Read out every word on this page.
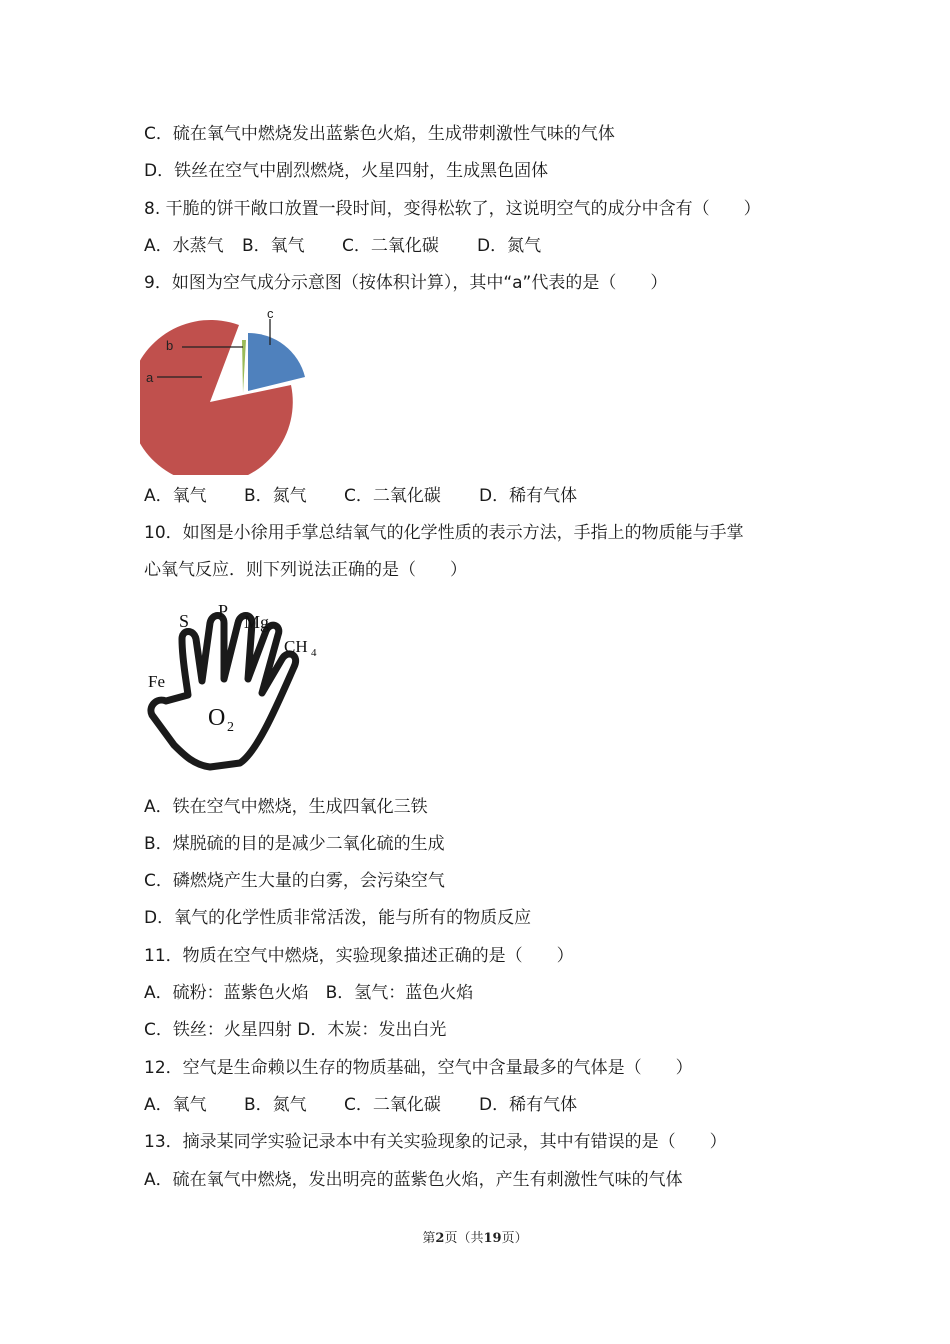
C．硫在氧气中燃烧发出蓝紫色火焰，生成带刺激性气味的气体
D．铁丝在空气中剧烈燃烧，火星四射，生成黑色固体
8. 干脆的饼干敞口放置一段时间，变得松软了，这说明空气的成分中含有（　　）
A．水蒸气 B．氧气 C．二氧化碳 D．氮气
9．如图为空气成分示意图（按体积计算），其中“a”代表的是（　　）
a
b
c
A．氧气 B．氮气 C．二氧化碳 D．稀有气体
10．如图是小徐用手掌总结氧气的化学性质的表示方法，手指上的物质能与手掌
心氧气反应．则下列说法正确的是（　　）
S P
Mg
CH 4
Fe
O 2
A．铁在空气中燃烧，生成四氧化三铁
B．煤脱硫的目的是减少二氧化硫的生成
C．磷燃烧产生大量的白雾，会污染空气
D．氧气的化学性质非常活泼，能与所有的物质反应
11．物质在空气中燃烧，实验现象描述正确的是（　　）
A．硫粉：蓝紫色火焰　B．氢气：蓝色火焰
C．铁丝：火星四射 D．木炭：发出白光
12．空气是生命赖以生存的物质基础，空气中含量最多的气体是（　　）
A．氧气 B．氮气 C．二氧化碳 D．稀有气体
13．摘录某同学实验记录本中有关实验现象的记录，其中有错误的是（　　）
A．硫在氧气中燃烧，发出明亮的蓝紫色火焰，产生有刺激性气味的气体
第2页（共19页）
